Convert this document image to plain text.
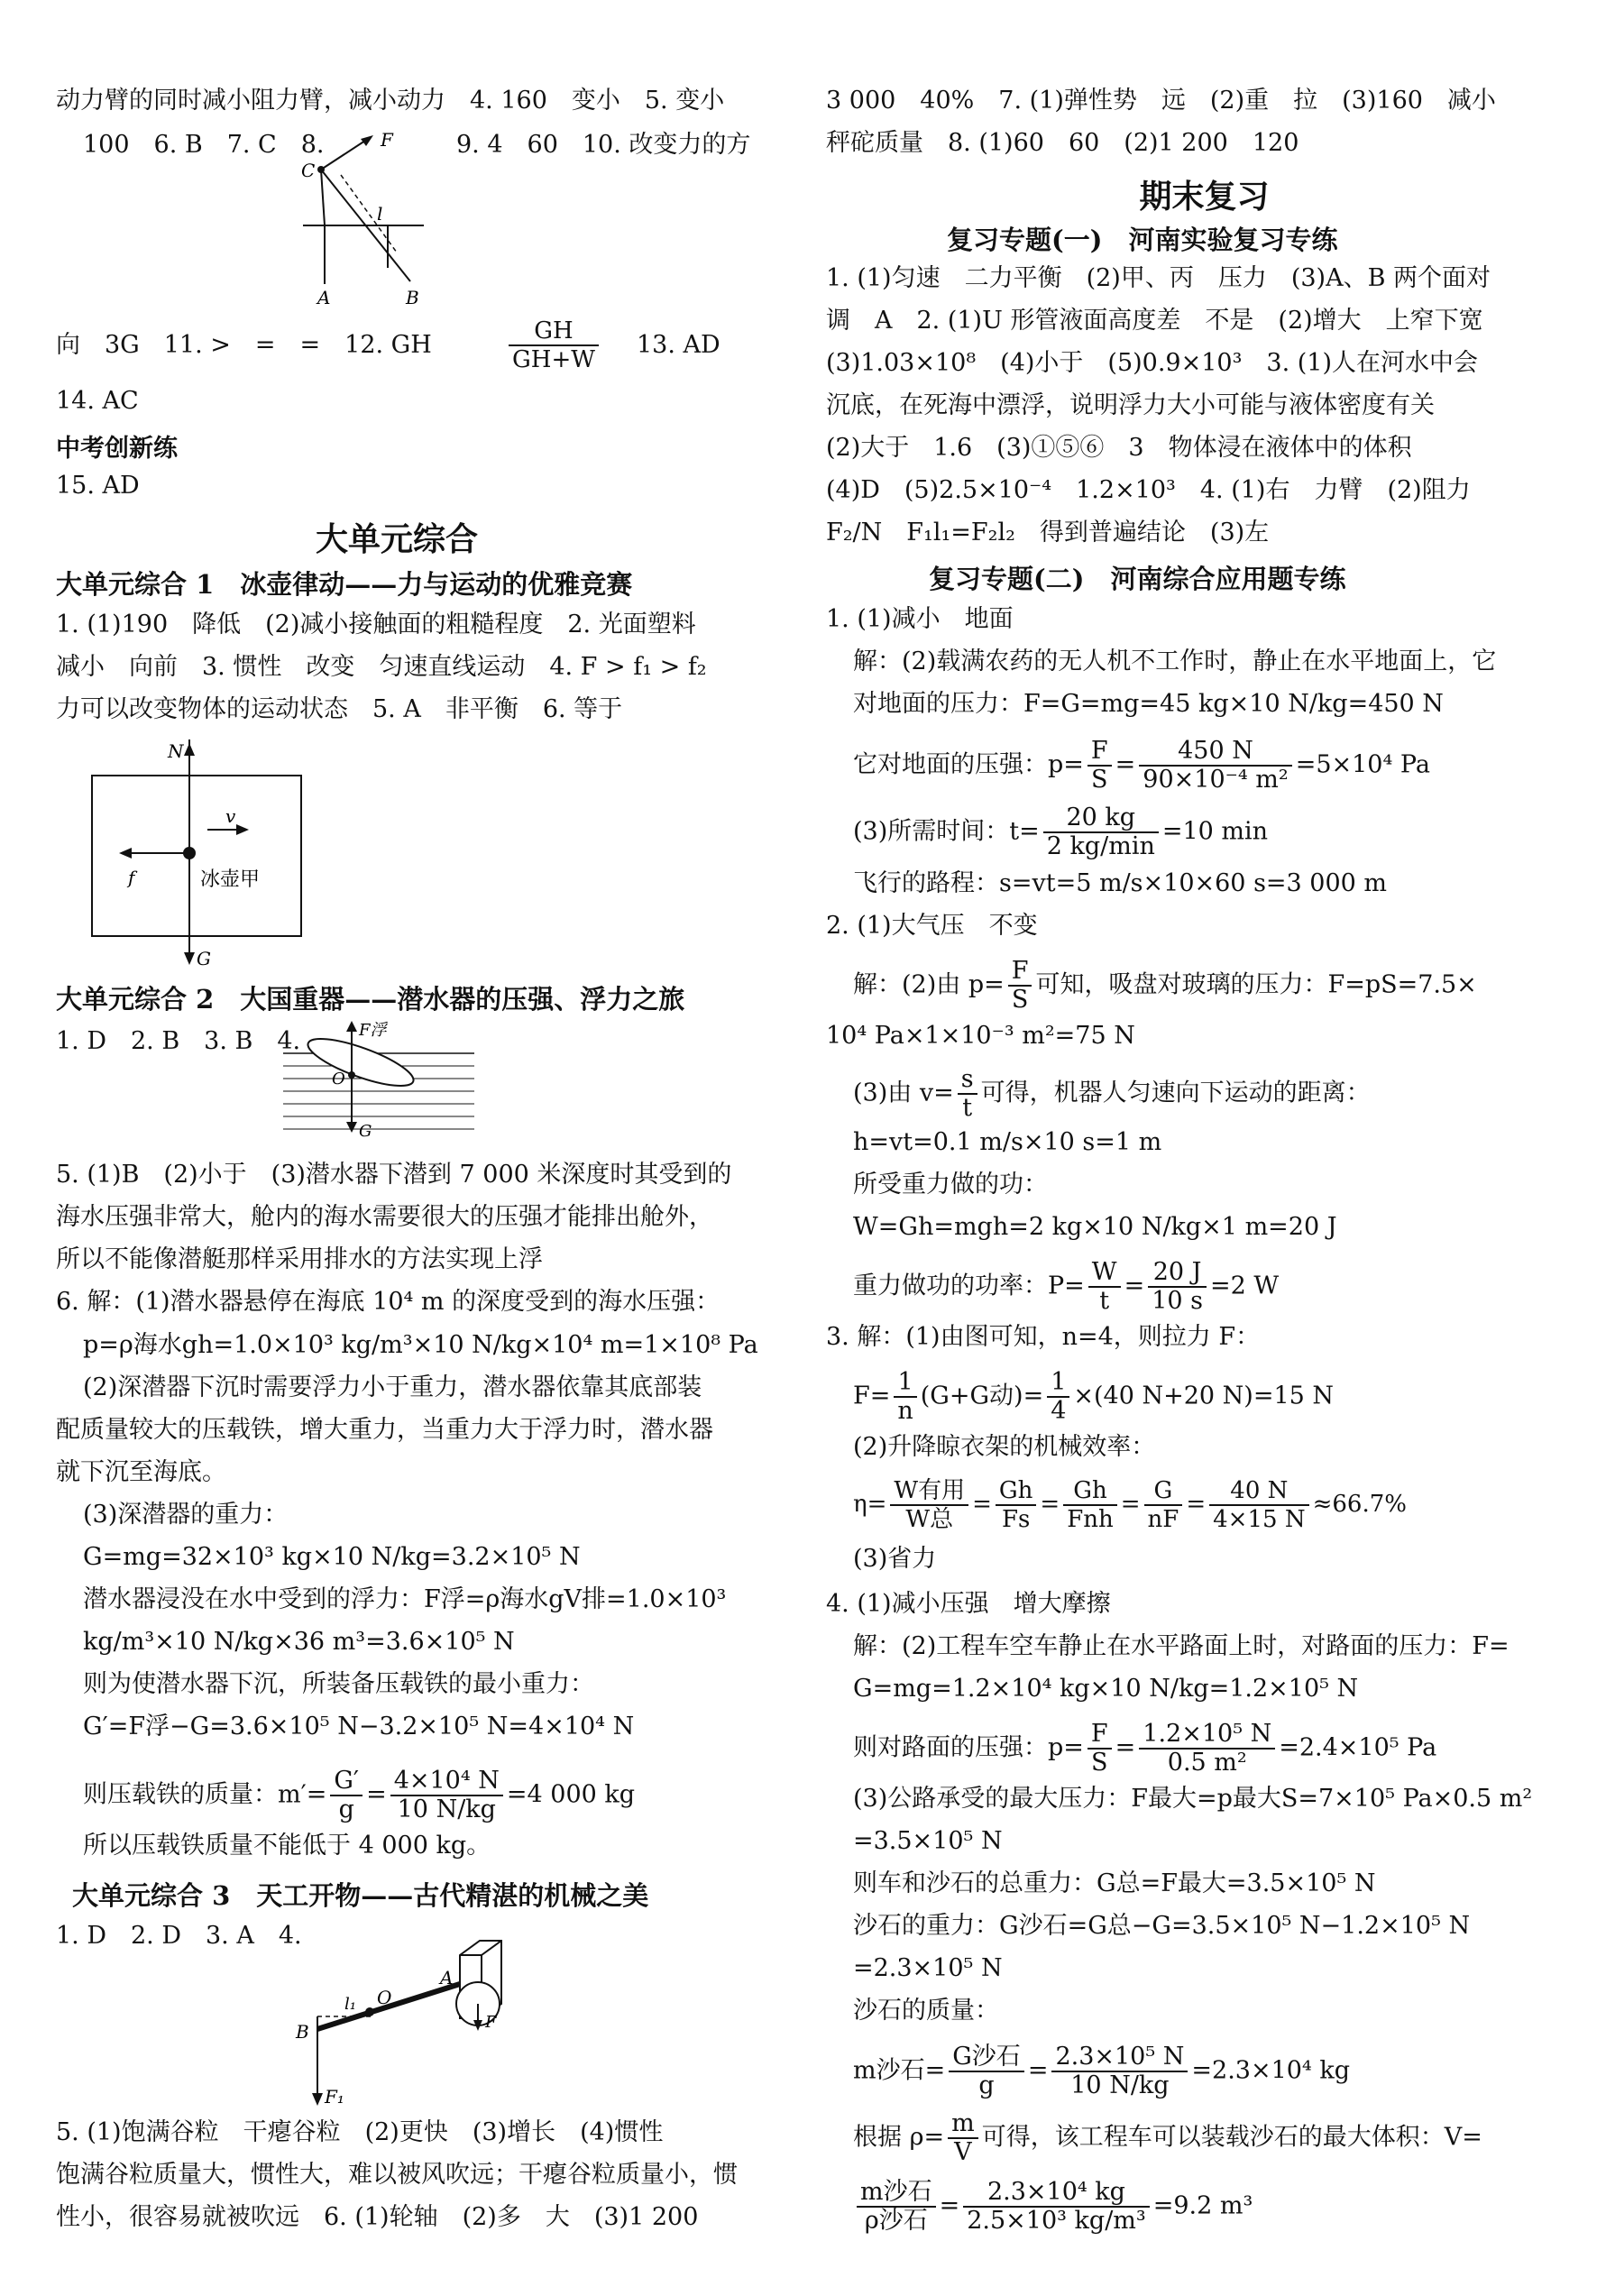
动力臂的同时减小阻力臂，减小动力　4. 160　变小　5. 变小
100　6. B　7. C　8.	9. 4　60　10. 改变力的方
F
C
l
A	B
向　3G　11. >　=　=　12. GH	$\frac{GH}{GH+W} 13$. AD
14. AC
中考创新练
15. AD
大单元综合
大单元综合 1　冰壶律动——力与运动的优雅竞赛
1. (1)190　降低　(2)减小接触面的粗糙程度　2. 光面塑料
减小　向前　3. 惯性　改变　匀速直线运动　4. F > f₁ > f₂
力可以改变物体的运动状态　5. A　非平衡　6. 等于
N
v
f	冰壶甲
G
大单元综合 2　大国重器——潜水器的压强、浮力之旅
1. D　2. B　3. B　4.	F浮
O
G
5. (1)B　(2)小于　(3)潜水器下潜到 7 000 米深度时其受到的
海水压强非常大，舱内的海水需要很大的压强才能排出舱外，
所以不能像潜艇那样采用排水的方法实现上浮
6. 解：(1)潜水器悬停在海底 10⁴ m 的深度受到的海水压强：
p=ρ海水gh=1.0×10³ kg/m³×10 N/kg×10⁴ m=1×10⁸ Pa
(2)深潜器下沉时需要浮力小于重力，潜水器依靠其底部装
配质量较大的压载铁，增大重力，当重力大于浮力时，潜水器
就下沉至海底。
(3)深潜器的重力：
G=mg=32×10³ kg×10 N/kg=3.2×10⁵ N
潜水器浸没在水中受到的浮力：F浮=ρ海水gV排=1.0×10³
kg/m³×10 N/kg×36 m³=3.6×10⁵ N
则为使潜水器下沉，所装备压载铁的最小重力：
G′=F浮−G=3.6×10⁵ N−3.2×10⁵ N=4×10⁴ N
则压载铁的质量：$m'= \frac{G'}{g} = \frac{\text{4×10⁴ N}}{10 N/kg} =4$ 000 kg
所以压载铁质量不能低于 4 000 kg。
大单元综合 3　天工开物——古代精湛的机械之美
1. D　2. D　3. A　4.
l₁ O
A
B
F₁
F
5. (1)饱满谷粒　干瘪谷粒　(2)更快　(3)增长　(4)惯性
饱满谷粒质量大，惯性大，难以被风吹远；干瘪谷粒质量小，惯
性小，很容易就被吹远　6. (1)轮轴　(2)多　大　(3)1 200
3 000　40%　7. (1)弹性势　远　(2)重　拉　(3)160　减小
秤砣质量　8. (1)60　60　(2)1 200　120
期末复习
复习专题(一)　河南实验复习专练
1. (1)匀速　二力平衡　(2)甲、丙　压力　(3)A、B 两个面对
调　A　2. (1)U 形管液面高度差　不是　(2)增大　上窄下宽
(3)1.03×10⁸　(4)小于　(5)0.9×10³　3. (1)人在河水中会
沉底，在死海中漂浮，说明浮力大小可能与液体密度有关
(2)大于　1.6　(3)①⑤⑥　3　物体浸在液体中的体积
(4)D　(5)2.5×10⁻⁴　1.2×10³　4. (1)右　力臂　(2)阻力
F₂/N　F₁l₁=F₂l₂　得到普遍结论　(3)左
复习专题(二)　河南综合应用题专练
1. (1)减小　地面
解：(2)载满农药的无人机不工作时，静止在水平地面上，它
对地面的压力：F=G=mg=45 kg×10 N/kg=450 N
它对地面的压强：$p= \frac{F}{S} = \frac{450 N}{\text{90×10⁻⁴ m²}} =5\times 10^4$ Pa
(3)所需时间：$t= \frac{20 kg}{2 kg/\min} =10$ min
飞行的路程：s=vt=5 m/s×10×60 s=3 000 m
2. (1)大气压　不变
解：(2)由 $p= \frac{F}{S}$ 可知，吸盘对玻璃的压力：F=pS=7.5×
10⁴ Pa×1×10⁻³ m²=75 N
(3)由 $v= \frac{s}{t}$ 可得，机器人匀速向下运动的距离：
h=vt=0.1 m/s×10 s=1 m
所受重力做的功：
W=Gh=mgh=2 kg×10 N/kg×1 m=20 J
重力做功的功率：$P= \frac{W}{t} = \frac{20 J}{10 s} =2$ W
3. 解：(1)由图可知，n=4，则拉力 F：
$F= \frac{1}{n} (G+G$动)= $\frac{1}{4} \times(40$ N+20 N)=15 N
(2)升降晾衣架的机械效率：
$\eta= \frac{\text{W有用}}{\text{W总}} = \frac{Gh}{Fs} = \frac{Gh}{\text{Fnh}} = \frac{G}{nF} = \frac{40 N}{4\times 15 N} \approx 66.7\%$
(3)省力
4. (1)减小压强　增大摩擦
解：(2)工程车空车静止在水平路面上时，对路面的压力：F=
G=mg=1.2×10⁴ kg×10 N/kg=1.2×10⁵ N
则对路面的压强：$p= \frac{F}{S} = \frac{\text{1.2×10⁵ N}}{\text{0.5 m²}} =2.4\times 10^5$ Pa
(3)公路承受的最大压力：F最大=p最大S=7×10⁵ Pa×0.5 m²
=3.5×10⁵ N
则车和沙石的总重力：G总=F最大=3.5×10⁵ N
沙石的重力：G沙石=G总−G=3.5×10⁵ N−1.2×10⁵ N
=2.3×10⁵ N
沙石的质量：
m沙石= $\frac{\text{G沙石}}{g} = \frac{\text{2.3×10⁵ N}}{10 N/kg} =2.3\times 10^4$ kg
根据 $\rho= \frac{m}{V}$ 可得，该工程车可以装载沙石的最大体积：V=
$\frac{\text{m沙石}}{\text{ρ沙石}} = \frac{\text{2.3×10⁴ kg}}{\text{2.5×10³ kg/m³}} =9.2$ m³
